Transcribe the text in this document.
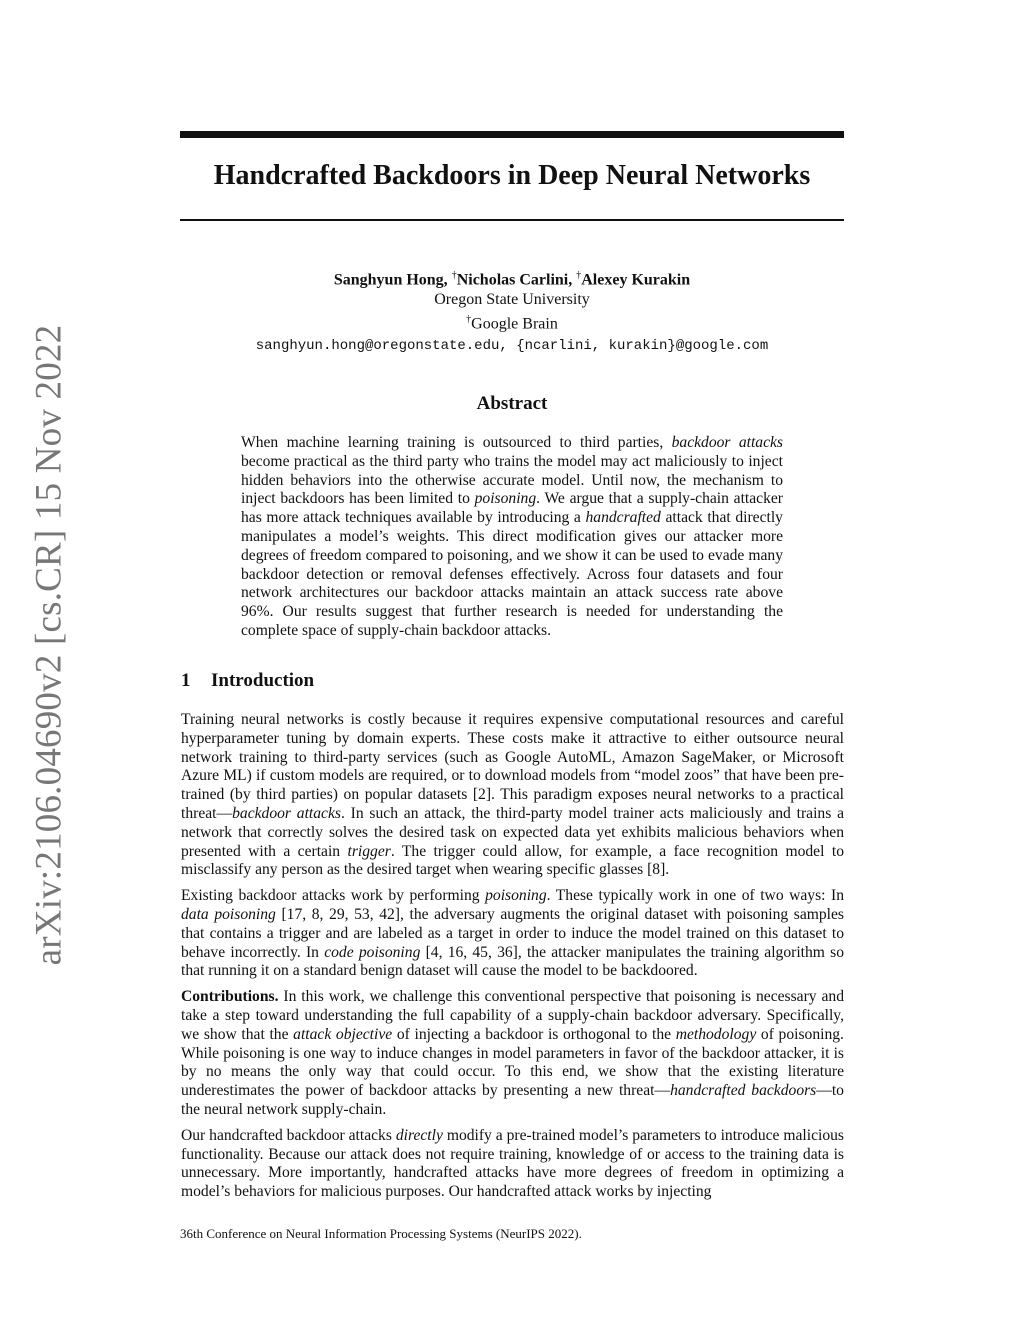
arXiv:2106.04690v2 [cs.CR] 15 Nov 2022
Handcrafted Backdoors in Deep Neural Networks
Sanghyun Hong, †Nicholas Carlini, †Alexey Kurakin
Oregon State University
†Google Brain
sanghyun.hong@oregonstate.edu, {ncarlini, kurakin}@google.com
Abstract

When machine learning training is outsourced to third parties, backdoor attacks become practical as the third party who trains the model may act maliciously to inject hidden behaviors into the otherwise accurate model. Until now, the mechanism to inject backdoors has been limited to poisoning. We argue that a supply-chain attacker has more attack techniques available by introducing a handcrafted attack that directly manipulates a model’s weights. This direct modification gives our attacker more degrees of freedom compared to poisoning, and we show it can be used to evade many backdoor detection or removal defenses effectively. Across four datasets and four network architectures our backdoor attacks maintain an attack success rate above 96%. Our results suggest that further research is needed for understanding the complete space of supply-chain backdoor attacks.

1 Introduction

Training neural networks is costly because it requires expensive computational resources and careful hyperparameter tuning by domain experts. These costs make it attractive to either outsource neural network training to third-party services (such as Google AutoML, Amazon SageMaker, or Microsoft Azure ML) if custom models are required, or to download models from “model zoos” that have been pre-trained (by third parties) on popular datasets [2]. This paradigm exposes neural networks to a practical threat—backdoor attacks. In such an attack, the third-party model trainer acts maliciously and trains a network that correctly solves the desired task on expected data yet exhibits malicious behaviors when presented with a certain trigger. The trigger could allow, for example, a face recognition model to misclassify any person as the desired target when wearing specific glasses [8].

Existing backdoor attacks work by performing poisoning. These typically work in one of two ways: In data poisoning [17, 8, 29, 53, 42], the adversary augments the original dataset with poisoning samples that contains a trigger and are labeled as a target in order to induce the model trained on this dataset to behave incorrectly. In code poisoning [4, 16, 45, 36], the attacker manipulates the training algorithm so that running it on a standard benign dataset will cause the model to be backdoored.

Contributions. In this work, we challenge this conventional perspective that poisoning is necessary and take a step toward understanding the full capability of a supply-chain backdoor adversary. Specifically, we show that the attack objective of injecting a backdoor is orthogonal to the methodology of poisoning. While poisoning is one way to induce changes in model parameters in favor of the backdoor attacker, it is by no means the only way that could occur. To this end, we show that the existing literature underestimates the power of backdoor attacks by presenting a new threat—handcrafted backdoors—to the neural network supply-chain.

Our handcrafted backdoor attacks directly modify a pre-trained model’s parameters to introduce malicious functionality. Because our attack does not require training, knowledge of or access to the training data is unnecessary. More importantly, handcrafted attacks have more degrees of freedom in optimizing a model’s behaviors for malicious purposes. Our handcrafted attack works by injecting

36th Conference on Neural Information Processing Systems (NeurIPS 2022).
